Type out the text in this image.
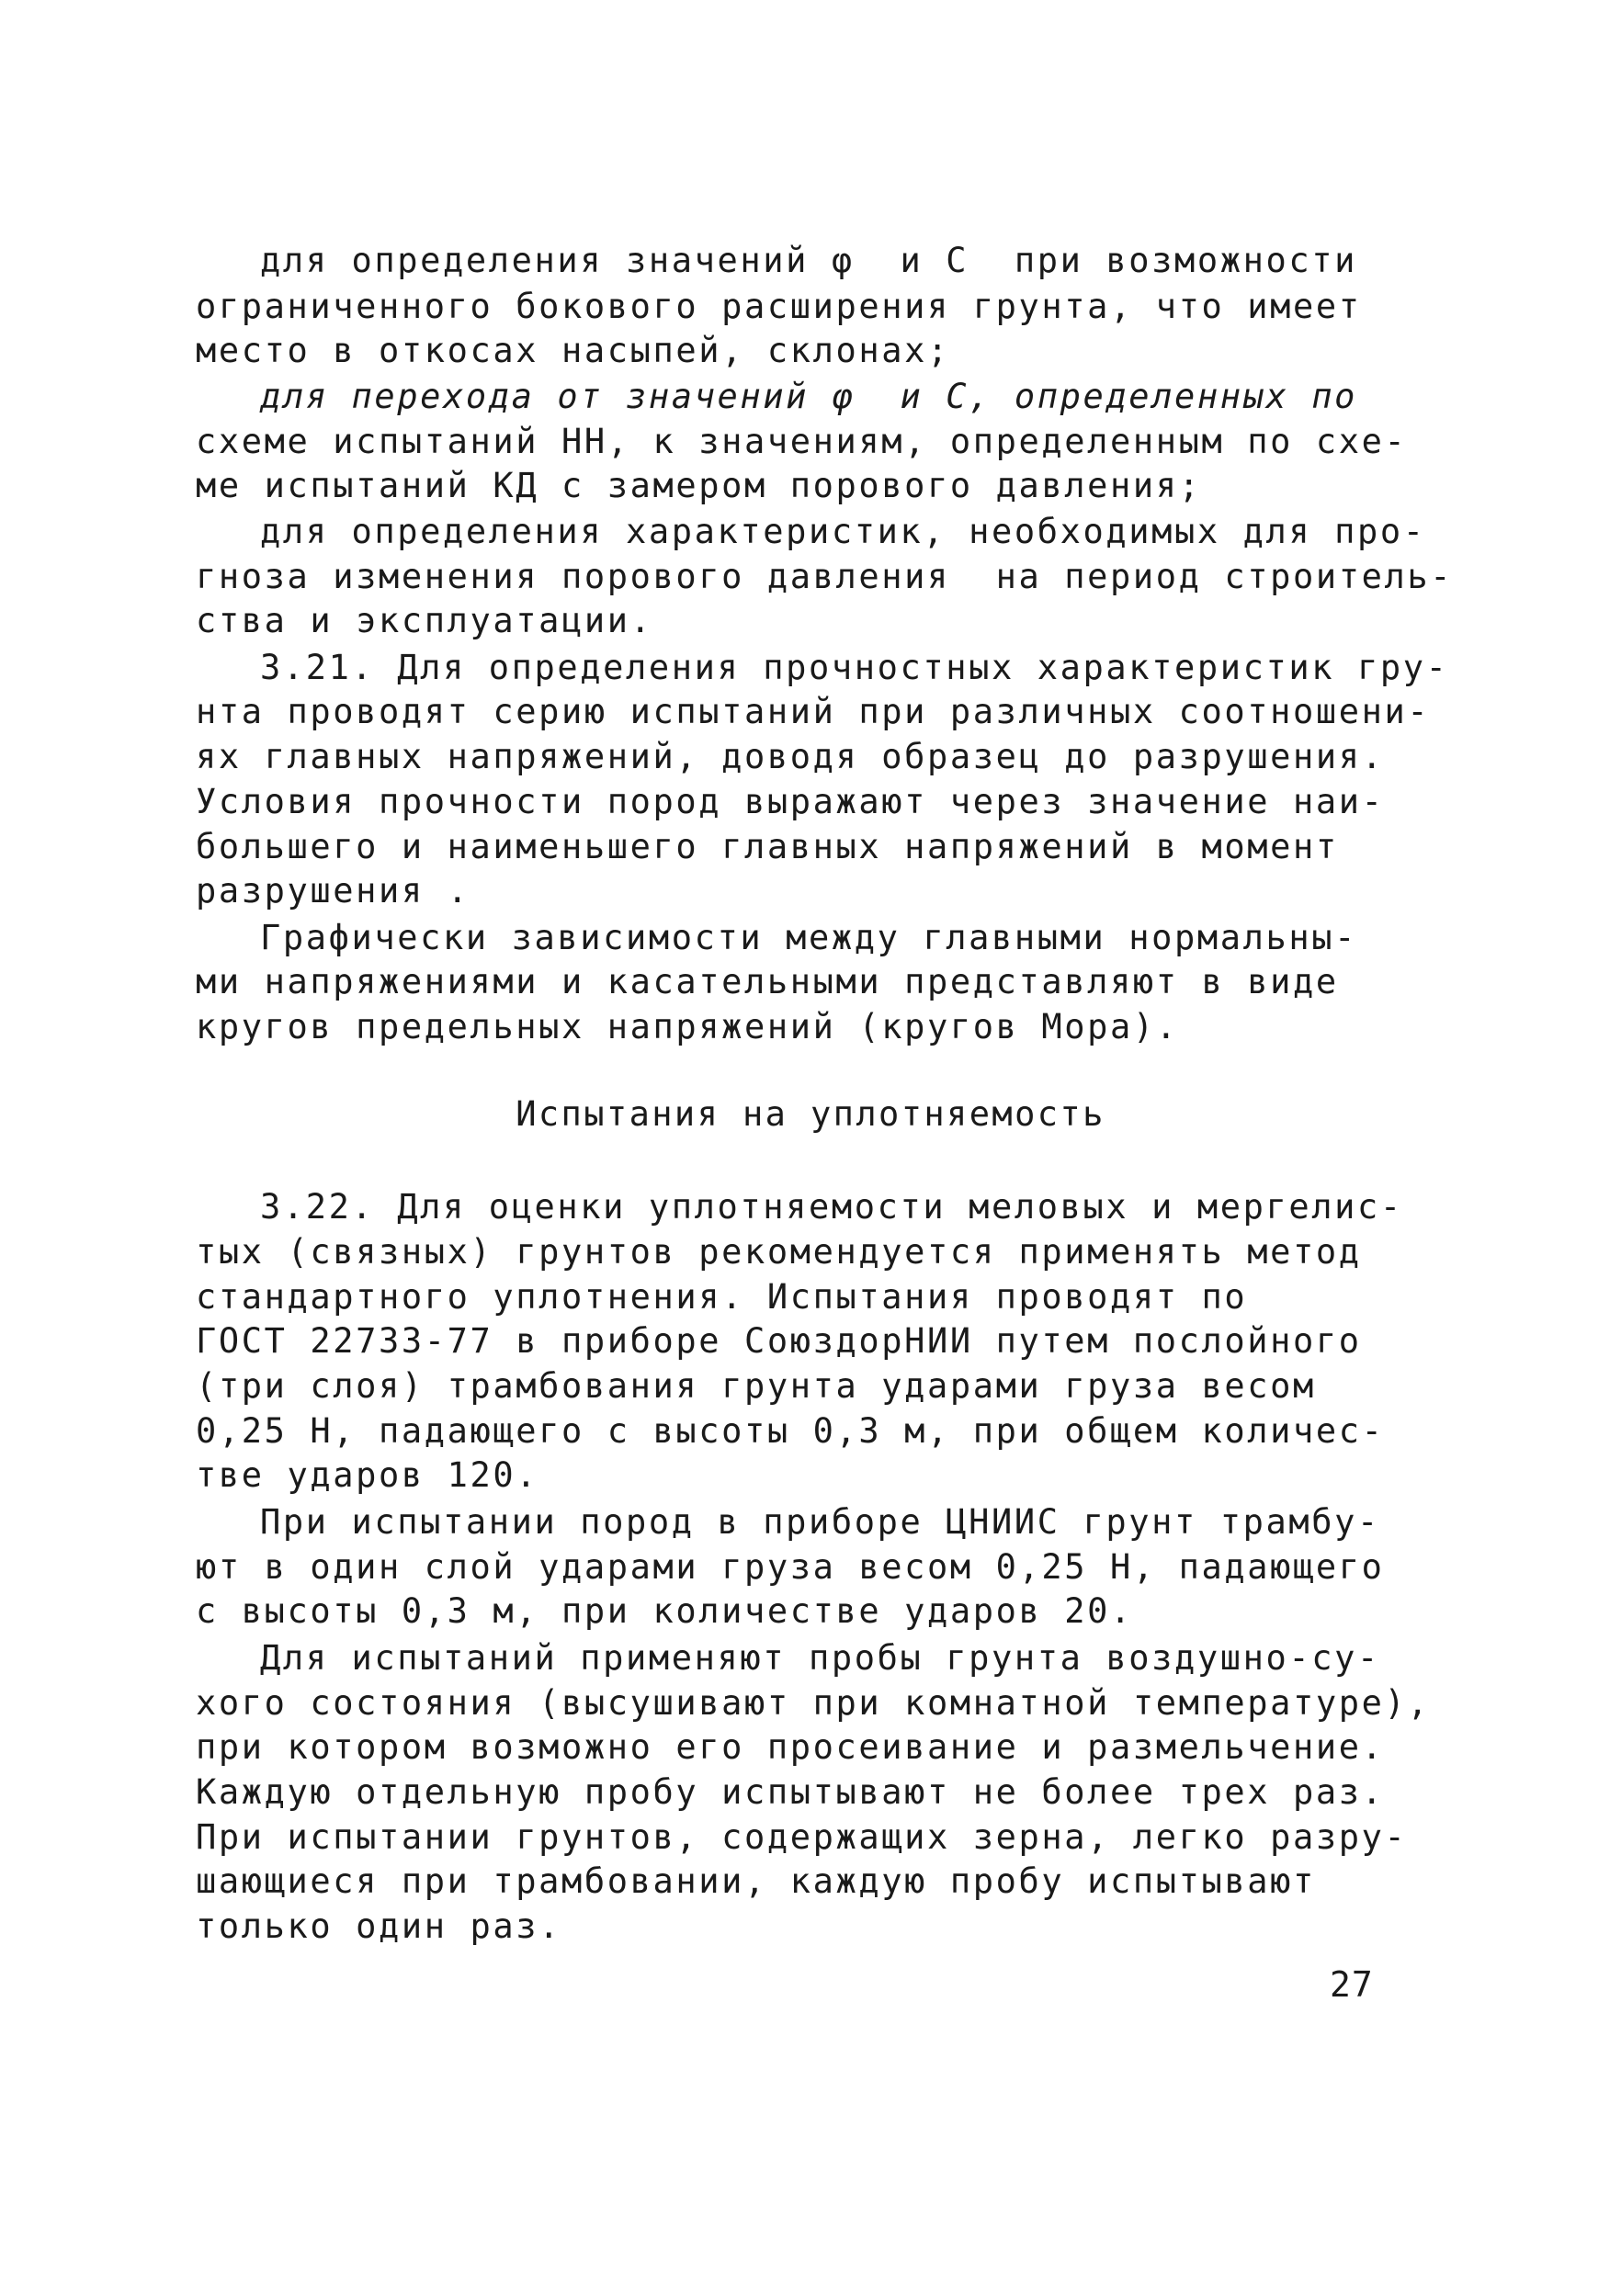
для определения значений φ  и С  при возможности
ограниченного бокового расширения грунта, что имеет
место в откосах насыпей, склонах;
для перехода от значений φ  и С, определенных по
схеме испытаний НН, к значениям, определенным по схе-
ме испытаний КД с замером порового давления;
для определения характеристик, необходимых для про-
гноза изменения порового давления  на период строитель-
ства и эксплуатации.
3.21. Для определения прочностных характеристик гру-
нта проводят серию испытаний при различных соотношени-
ях главных напряжений, доводя образец до разрушения.
Условия прочности пород выражают через значение наи-
большего и наименьшего главных напряжений в момент
разрушения .
Графически зависимости между главными нормальны-
ми напряжениями и касательными представляют в виде
кругов предельных напряжений (кругов Мора).
Испытания на уплотняемость
3.22. Для оценки уплотняемости меловых и мергелис-
тых (связных) грунтов рекомендуется применять метод
стандартного уплотнения. Испытания проводят по
ГОСТ 22733-77 в приборе СоюздорНИИ путем послойного
(три слоя) трамбования грунта ударами груза весом
0,25 Н, падающего с высоты 0,3 м, при общем количес-
тве ударов 120.
При испытании пород в приборе ЦНИИС грунт трамбу-
ют в один слой ударами груза весом 0,25 Н, падающего
с высоты 0,3 м, при количестве ударов 20.
Для испытаний применяют пробы грунта воздушно-су-
хого состояния (высушивают при комнатной температуре),
при котором возможно его просеивание и размельчение.
Каждую отдельную пробу испытывают не более трех раз.
При испытании грунтов, содержащих зерна, легко разру-
шающиеся при трамбовании, каждую пробу испытывают
только один раз.
27
